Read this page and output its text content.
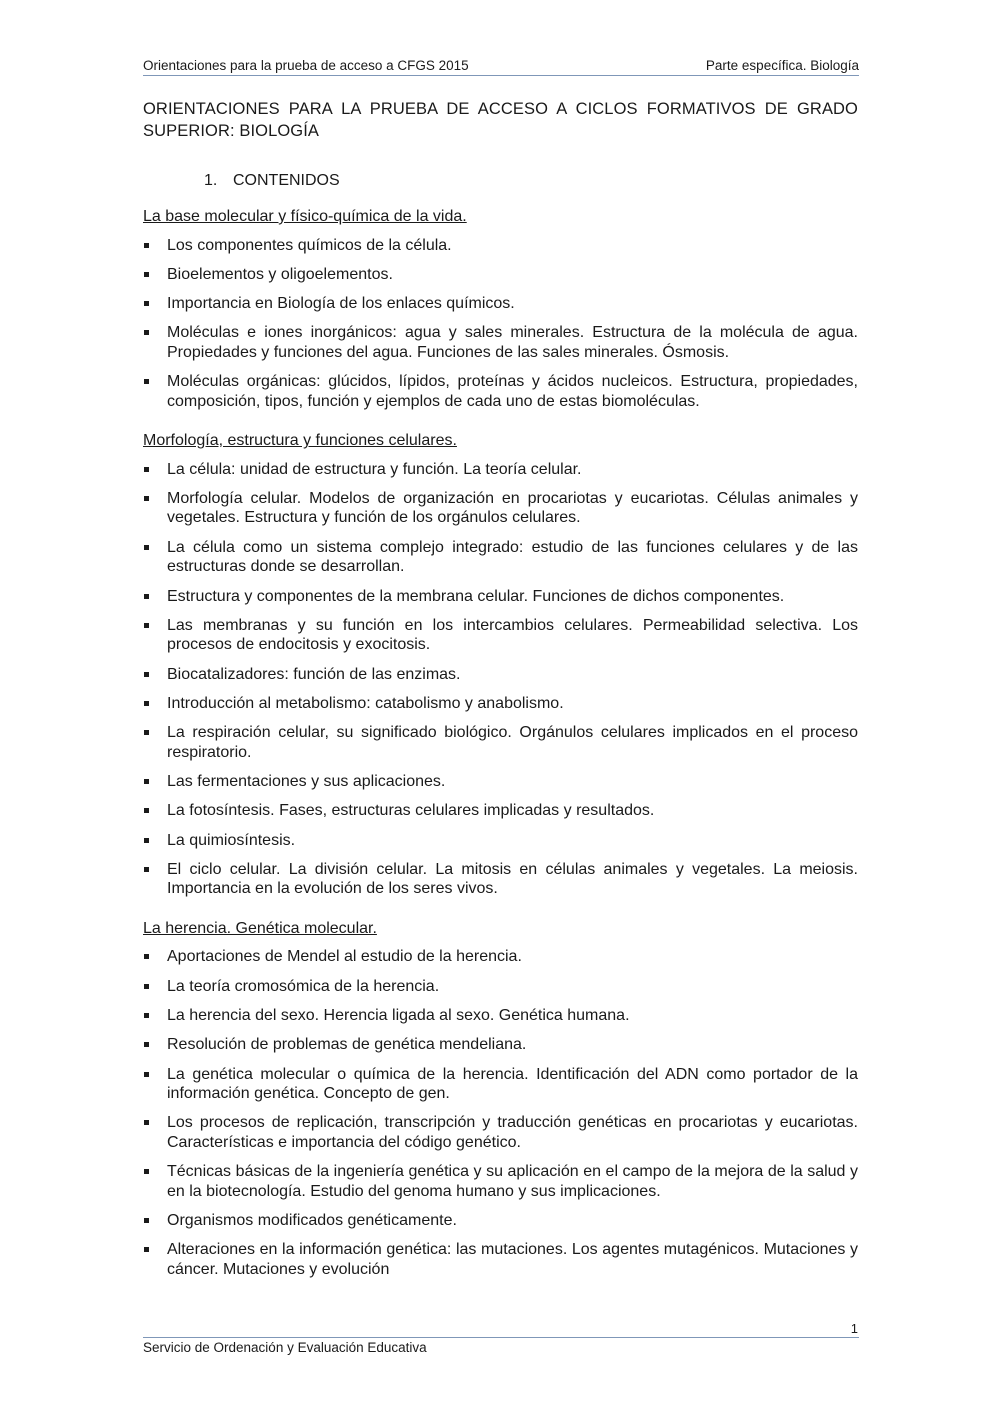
Orientaciones para la prueba de acceso a CFGS 2015	Parte específica. Biología
ORIENTACIONES PARA LA PRUEBA DE ACCESO A CICLOS FORMATIVOS DE GRADO SUPERIOR: BIOLOGÍA
1. CONTENIDOS
La base molecular y físico-química de la vida.
Los componentes químicos de la célula.
Bioelementos y oligoelementos.
Importancia en Biología de los enlaces químicos.
Moléculas e iones inorgánicos: agua y sales minerales. Estructura de la molécula de agua. Propiedades y funciones del agua. Funciones de las sales minerales. Ósmosis.
Moléculas orgánicas: glúcidos, lípidos, proteínas y ácidos nucleicos. Estructura, propiedades, composición, tipos, función y ejemplos de cada uno de estas biomoléculas.
Morfología, estructura y funciones celulares.
La célula: unidad de estructura y función. La teoría celular.
Morfología celular. Modelos de organización en procariotas y eucariotas. Células animales y vegetales. Estructura y función de los orgánulos celulares.
La célula como un sistema complejo integrado: estudio de las funciones celulares y de las estructuras donde se desarrollan.
Estructura y componentes de la membrana celular. Funciones de dichos componentes.
Las membranas y su función en los intercambios celulares. Permeabilidad selectiva. Los procesos de endocitosis y exocitosis.
Biocatalizadores: función de las enzimas.
Introducción al metabolismo: catabolismo y anabolismo.
La respiración celular, su significado biológico. Orgánulos celulares implicados en el proceso respiratorio.
Las fermentaciones y sus aplicaciones.
La fotosíntesis. Fases, estructuras celulares implicadas y resultados.
La quimiosíntesis.
El ciclo celular. La división celular. La mitosis en células animales y vegetales. La meiosis. Importancia en la evolución de los seres vivos.
La herencia. Genética molecular.
Aportaciones de Mendel al estudio de la herencia.
La teoría cromosómica de la herencia.
La herencia del sexo. Herencia ligada al sexo. Genética humana.
Resolución de problemas de genética mendeliana.
La genética molecular o química de la herencia. Identificación del ADN como portador de la información genética. Concepto de gen.
Los procesos de replicación, transcripción y traducción genéticas en procariotas y eucariotas. Características e importancia del código genético.
Técnicas básicas de la ingeniería genética y su aplicación en el campo de la mejora de la salud y en la biotecnología. Estudio del genoma humano y sus implicaciones.
Organismos modificados genéticamente.
Alteraciones en la información genética: las mutaciones. Los agentes mutagénicos. Mutaciones y cáncer. Mutaciones y evolución
1
Servicio de Ordenación y Evaluación Educativa
